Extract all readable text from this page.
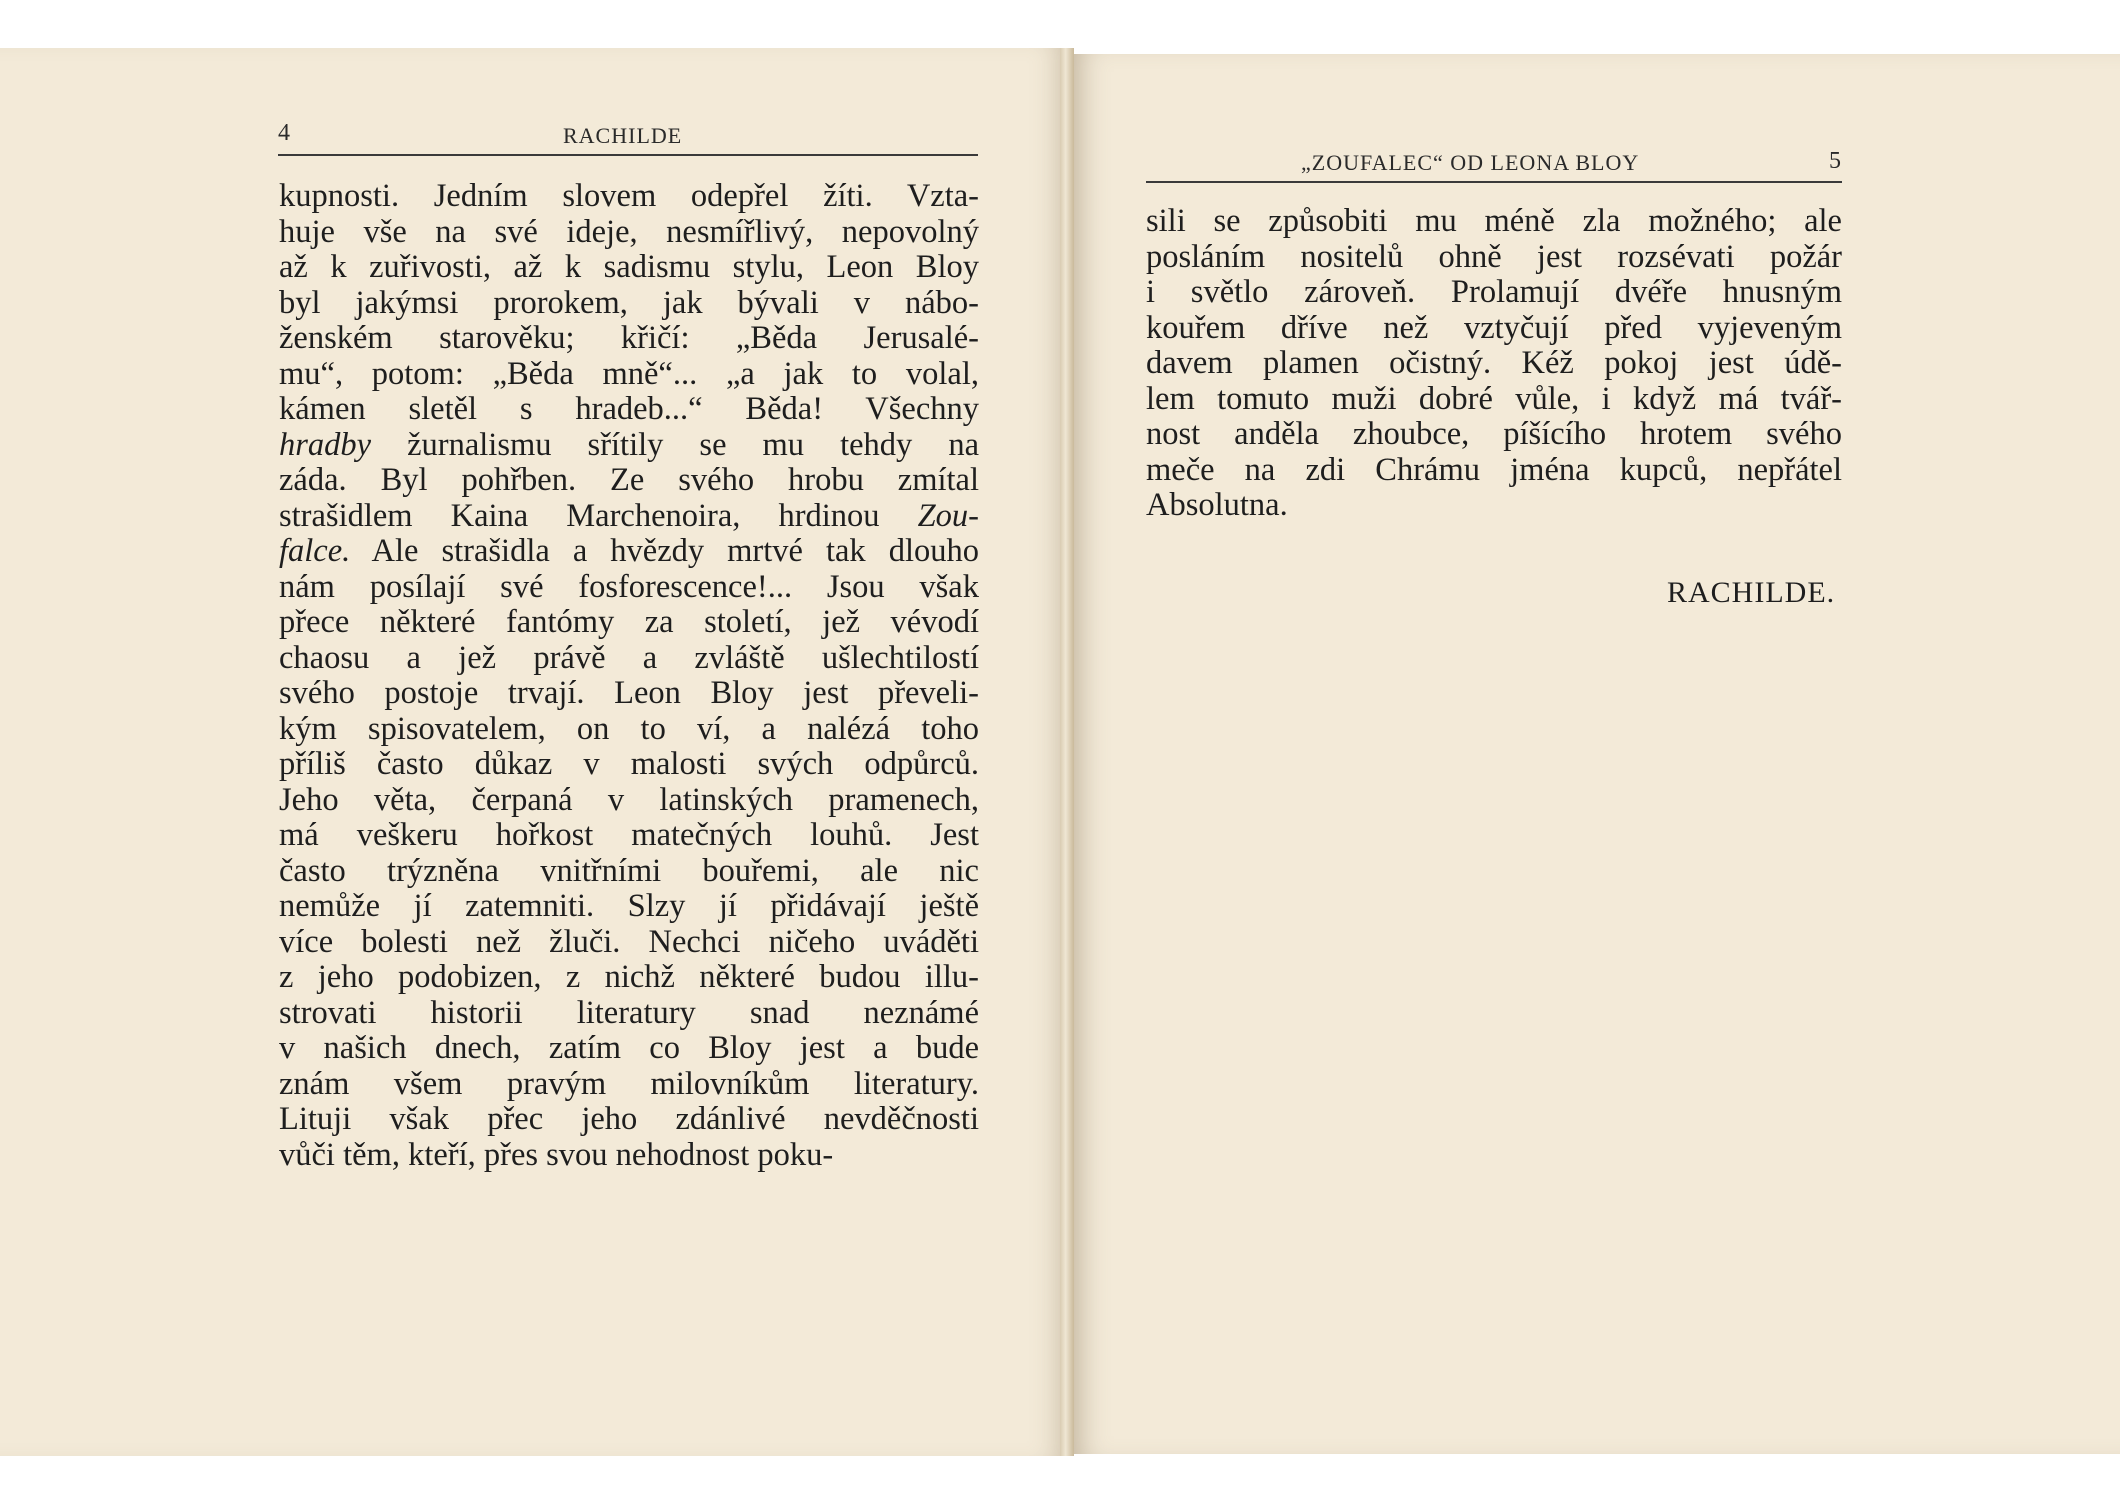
4	RACHILDE
kupnosti. Jedním slovem odepřel žíti. Vzta‑
huje vše na své ideje, nesmířlivý, nepovolný
až k zuřivosti, až k sadismu stylu, Leon Bloy
byl jakýmsi prorokem, jak bývali v nábo‑
ženském starověku; křičí: „Běda Jerusalé‑
mu“, potom: „Běda mně“... „a jak to volal,
kámen sletěl s hradeb...“ Běda! Všechny
hradby žurnalismu sřítily se mu tehdy na
záda. Byl pohřben. Ze svého hrobu zmítal
strašidlem Kaina Marchenoira, hrdinou Zou‑
falce. Ale strašidla a hvězdy mrtvé tak dlouho
nám posílají své fosforescence!... Jsou však
přece některé fantómy za století, jež vévodí
chaosu a jež právě a zvláště ušlechtilostí
svého postoje trvají. Leon Bloy jest převeli‑
kým spisovatelem, on to ví, a nalézá toho
příliš často důkaz v malosti svých odpůrců.
Jeho věta, čerpaná v latinských pramenech,
má veškeru hořkost matečných louhů. Jest
často trýzněna vnitřními bouřemi, ale nic
nemůže jí zatemniti. Slzy jí přidávají ještě
více bolesti než žluči. Nechci ničeho uváděti
z jeho podobizen, z nichž některé budou illu‑
strovati historii literatury snad neznámé
v našich dnech, zatím co Bloy jest a bude
znám všem pravým milovníkům literatury.
Lituji však přec jeho zdánlivé nevděčnosti
vůči těm, kteří, přes svou nehodnost poku‑
„ZOUFALEC“ OD LEONA BLOY	5
sili se způsobiti mu méně zla možného; ale
posláním nositelů ohně jest rozsévati požár
i světlo zároveň. Prolamují dvéře hnusným
kouřem dříve než vztyčují před vyjeveným
davem plamen očistný. Kéž pokoj jest údě‑
lem tomuto muži dobré vůle, i když má tvář‑
nost anděla zhoubce, píšícího hrotem svého
meče na zdi Chrámu jména kupců, nepřátel
Absolutna.
RACHILDE.
